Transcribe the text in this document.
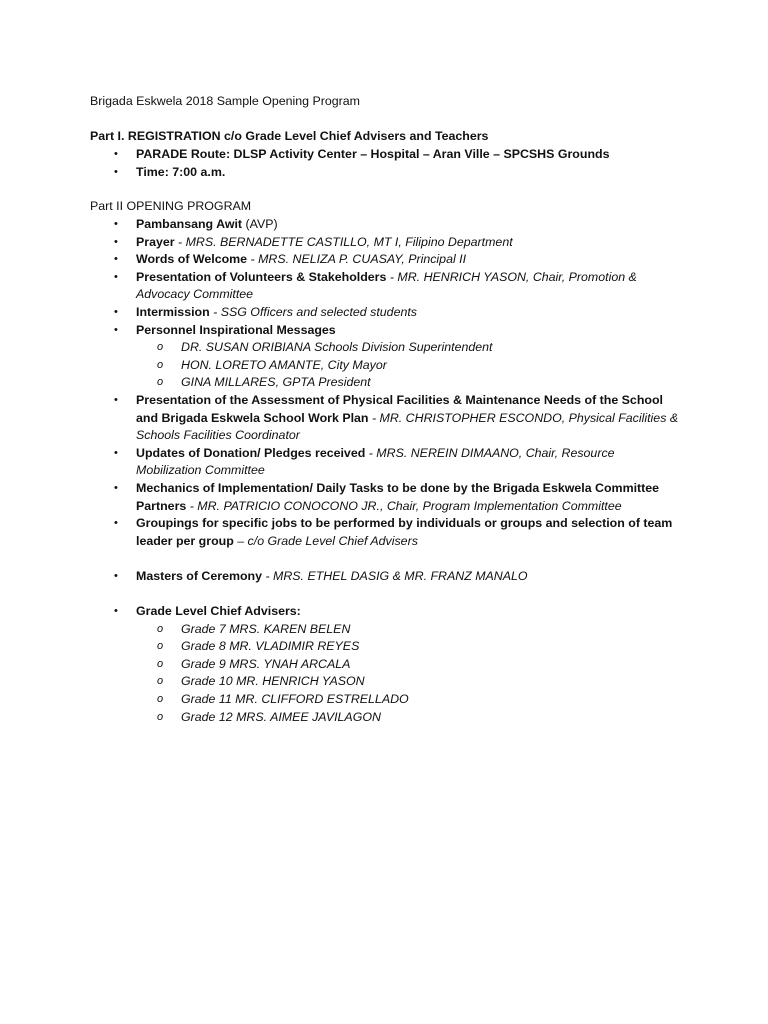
Brigada Eskwela 2018 Sample Opening Program
Part I. REGISTRATION c/o Grade Level Chief Advisers and Teachers
•	PARADE Route: DLSP Activity Center – Hospital – Aran Ville – SPCSHS Grounds
•	Time: 7:00 a.m.
Part II OPENING PROGRAM
•	Pambansang Awit (AVP)
•	Prayer - MRS. BERNADETTE CASTILLO, MT I, Filipino Department
•	Words of Welcome - MRS. NELIZA P. CUASAY, Principal II
•	Presentation of Volunteers & Stakeholders - MR. HENRICH YASON, Chair, Promotion & Advocacy Committee
•	Intermission - SSG Officers and selected students
•	Personnel Inspirational Messages
o	DR. SUSAN ORIBIANA Schools Division Superintendent
o	HON. LORETO AMANTE, City Mayor
o	GINA MILLARES, GPTA President
•	Presentation of the Assessment of Physical Facilities & Maintenance Needs of the School and Brigada Eskwela School Work Plan - MR. CHRISTOPHER ESCONDO, Physical Facilities & Schools Facilities Coordinator
•	Updates of Donation/ Pledges received - MRS. NEREIN DIMAANO, Chair, Resource Mobilization Committee
•	Mechanics of Implementation/ Daily Tasks to be done by the Brigada Eskwela Committee Partners - MR. PATRICIO CONOCONO JR., Chair, Program Implementation Committee
•	Groupings for specific jobs to be performed by individuals or groups and selection of team leader per group – c/o Grade Level Chief Advisers
•	Masters of Ceremony - MRS. ETHEL DASIG & MR. FRANZ MANALO
•	Grade Level Chief Advisers:
o	Grade 7 MRS. KAREN BELEN
o	Grade 8 MR. VLADIMIR REYES
o	Grade 9 MRS. YNAH ARCALA
o	Grade 10 MR. HENRICH YASON
o	Grade 11 MR. CLIFFORD ESTRELLADO
o	Grade 12 MRS. AIMEE JAVILAGON
